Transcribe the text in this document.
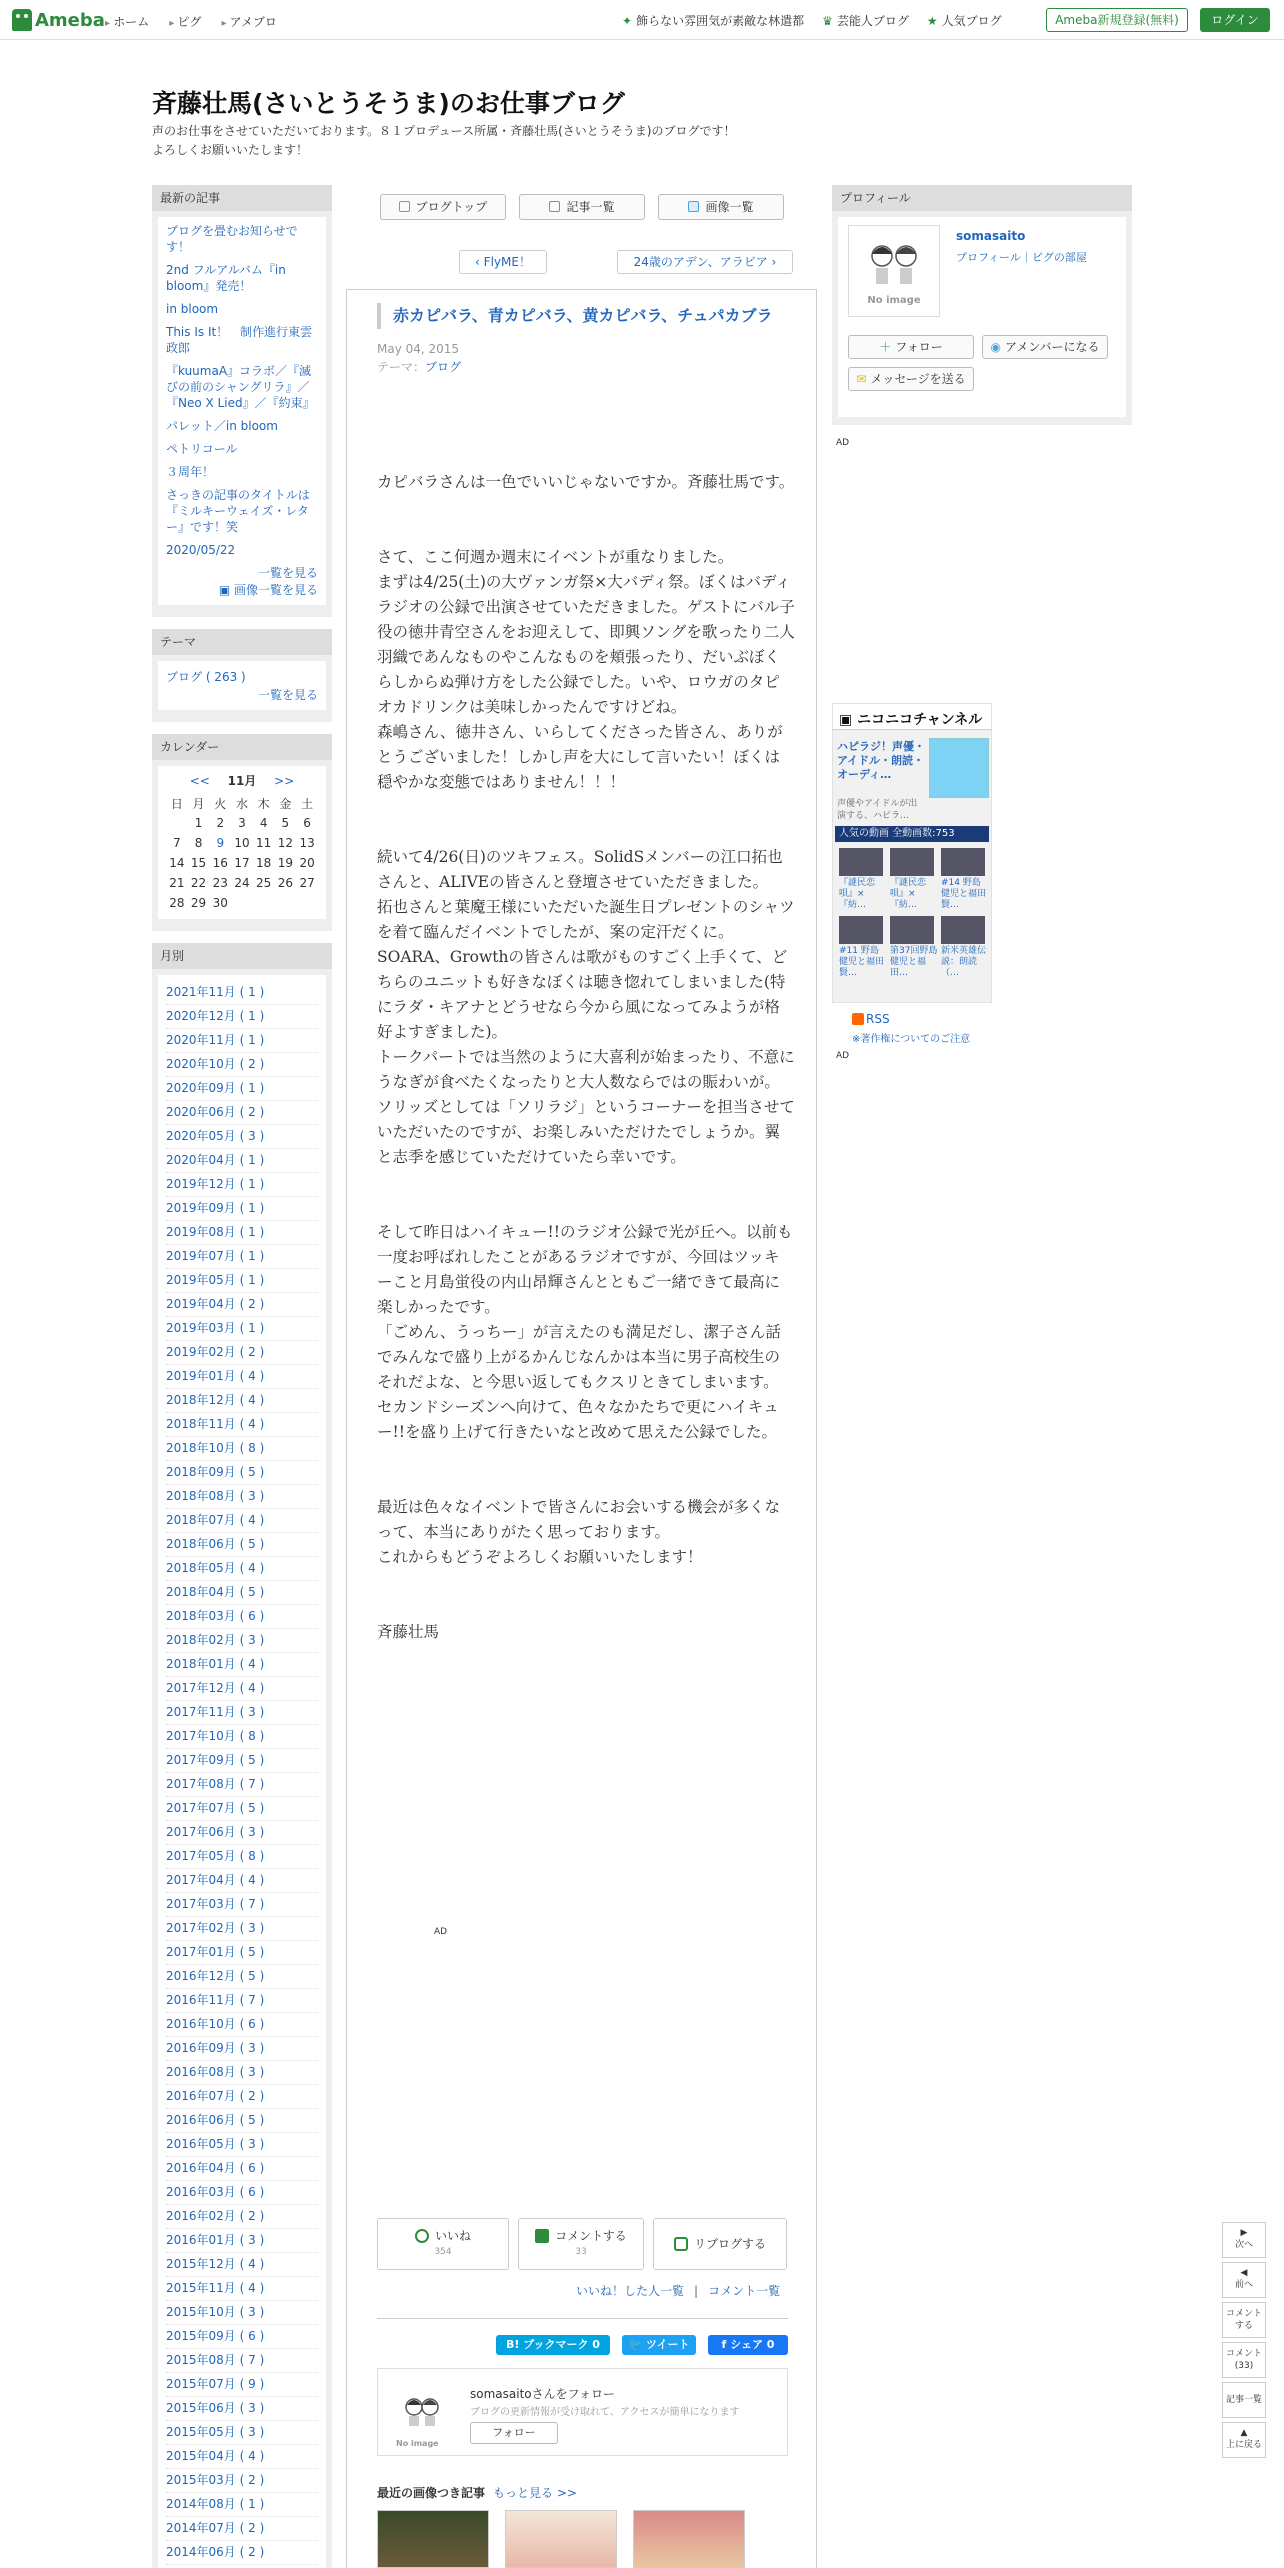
Ameba ▸ ホーム	▸ ピグ	▸ アメブロ	✦ 飾らない雰囲気が素敵な林遣都 ♛ 芸能人ブログ ★ 人気ブログ	Ameba新規登録(無料)	ログイン
斉藤壮馬(さいとうそうま)のお仕事ブログ
声のお仕事をさせていただいております。８１プロデュース所属・斉藤壮馬(さいとうそうま)のブログです！
よろしくお願いいたします！
最新の記事
ブログを畳むお知らせです！
2nd フルアルバム『in bloom』発売！
in bloom
This Is It！　制作進行東雲政郎
『kuumaA』コラボ／『滅びの前のシャングリラ』／『Neo X Lied』／『約束』
パレット／in bloom
ペトリコール
３周年！
さっきの記事のタイトルは『ミルキーウェイズ・レター』です！笑
2020/05/22
一覧を見る
▣ 画像一覧を見る
テーマ
ブログ ( 263 )
一覧を見る
カレンダー
<< 11月 >>
日	月	火	水	木	金	土
	1	2	3	4	5	6
7	8	9	10	11	12	13
14	15	16	17	18	19	20
21	22	23	24	25	26	27
28	29	30				
月別
2021年11月 ( 1 )
2020年12月 ( 1 )
2020年11月 ( 1 )
2020年10月 ( 2 )
2020年09月 ( 1 )
2020年06月 ( 2 )
2020年05月 ( 3 )
2020年04月 ( 1 )
2019年12月 ( 1 )
2019年09月 ( 1 )
2019年08月 ( 1 )
2019年07月 ( 1 )
2019年05月 ( 1 )
2019年04月 ( 2 )
2019年03月 ( 1 )
2019年02月 ( 2 )
2019年01月 ( 4 )
2018年12月 ( 4 )
2018年11月 ( 4 )
2018年10月 ( 8 )
2018年09月 ( 5 )
2018年08月 ( 3 )
2018年07月 ( 4 )
2018年06月 ( 5 )
2018年05月 ( 4 )
2018年04月 ( 5 )
2018年03月 ( 6 )
2018年02月 ( 3 )
2018年01月 ( 4 )
2017年12月 ( 4 )
2017年11月 ( 3 )
2017年10月 ( 8 )
2017年09月 ( 5 )
2017年08月 ( 7 )
2017年07月 ( 5 )
2017年06月 ( 3 )
2017年05月 ( 8 )
2017年04月 ( 4 )
2017年03月 ( 7 )
2017年02月 ( 3 )
2017年01月 ( 5 )
2016年12月 ( 5 )
2016年11月 ( 7 )
2016年10月 ( 6 )
2016年09月 ( 3 )
2016年08月 ( 3 )
2016年07月 ( 2 )
2016年06月 ( 5 )
2016年05月 ( 3 )
2016年04月 ( 6 )
2016年03月 ( 6 )
2016年02月 ( 2 )
2016年01月 ( 3 )
2015年12月 ( 4 )
2015年11月 ( 4 )
2015年10月 ( 3 )
2015年09月 ( 6 )
2015年08月 ( 7 )
2015年07月 ( 9 )
2015年06月 ( 3 )
2015年05月 ( 3 )
2015年04月 ( 4 )
2015年03月 ( 2 )
2014年08月 ( 1 )
2014年07月 ( 2 )
2014年06月 ( 2 )
ブログトップ	記事一覧	画像一覧
‹ FlyME！	24歳のアデン、アラビア ›
赤カピバラ、青カピバラ、黄カピバラ、チュパカブラ
May 04, 2015
テーマ：ブログ

カピバラさんは一色でいいじゃないですか。斉藤壮馬です。

さて、ここ何週か週末にイベントが重なりました。

まずは4/25(土)の大ヴァンガ祭×大バディ祭。ぼくはバディラジオの公録で出演させていただきました。ゲストにバル子役の徳井青空さんをお迎えして、即興ソングを歌ったり二人羽織であんなものやこんなものを頬張ったり、だいぶぼくらしからぬ弾け方をした公録でした。いや、ロウガのタピオカドリンクは美味しかったんですけどね。

森嶋さん、徳井さん、いらしてくださった皆さん、ありがとうございました！しかし声を大にして言いたい！ぼくは穏やかな変態ではありません！！！

続いて4/26(日)のツキフェス。SolidSメンバーの江口拓也さんと、ALIVEの皆さんと登壇させていただきました。

拓也さんと葉魔王様にいただいた誕生日プレゼントのシャツを着て臨んだイベントでしたが、案の定汗だくに。

SOARA、Growthの皆さんは歌がものすごく上手くて、どちらのユニットも好きなぼくは聴き惚れてしまいました(特にラダ・キアナとどうせなら今から風になってみようが格好よすぎました)。

トークパートでは当然のように大喜利が始まったり、不意にうなぎが食べたくなったりと大人数ならではの賑わいが。

ソリッズとしては「ソリラジ」というコーナーを担当させていただいたのですが、お楽しみいただけたでしょうか。翼と志季を感じていただけていたら幸いです。

そして昨日はハイキュー!!のラジオ公録で光が丘へ。以前も一度お呼ばれしたことがあるラジオですが、今回はツッキーこと月島蛍役の内山昂輝さんとともご一緒できて最高に楽しかったです。

「ごめん、うっちー」が言えたのも満足だし、潔子さん話でみんなで盛り上がるかんじなんかは本当に男子高校生のそれだよな、と今思い返してもクスリときてしまいます。

セカンドシーズンへ向けて、色々なかたちで更にハイキュー!!を盛り上げて行きたいなと改めて思えた公録でした。

最近は色々なイベントで皆さんにお会いする機会が多くなって、本当にありがたく思っております。

これからもどうぞよろしくお願いいたします！

斉藤壮馬

AD
いいね
354
コメントする
33
リブログする
いいね！した人一覧 | コメント一覧
B! ブックマーク 0	🐦 ツイート	f シェア 0
No image
somasaitoさんをフォロー
ブログの更新情報が受け取れて、アクセスが簡単になります
フォロー
最近の画像つき記事 もっと見る >>
プロフィール
No image
somasaito
プロフィール｜ピグの部屋
＋ フォロー	◉ アメンバーになる
✉ メッセージを送る
AD
▣ ニコニコチャンネル
ハピラジ！声優・アイドル・朗読・オーディ…
声優やアイドルが出演する、ハピラ…
人気の動画 全動画数:753
『謎民恋唄』×『紡…
『謎民恋唄』×『紡…
#14 野島健児と福田賢…
#11 野島健児と福田賢…
第37回野島健児と福田…
新米英雄伝説：朗読（…
RSS
※著作権についてのご注意
AD
▶
次へ
◀
前へ
コメントする
コメント(33)
記事一覧
▲
上に戻る
